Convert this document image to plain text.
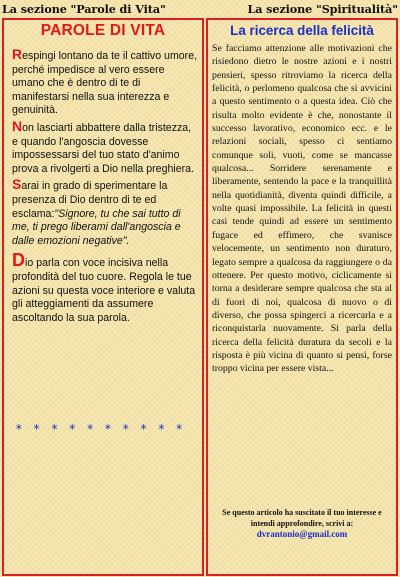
La sezione "Parole di Vita"	La sezione "Spiritualità"
PAROLE DI VITA

Respingi lontano da te il cattivo umore, perché impedisce al vero essere umano che è dentro di te di manifestarsi nella sua interezza e genuinità.

Non lasciarti abbattere dalla tristezza, e quando l'angoscia dovesse impossessarsi del tuo stato d'animo prova a rivolgerti a Dio nella preghiera.

Sarai in grado di sperimentare la presenza di Dio dentro di te ed esclama:"Signore, tu che sai tutto di me, ti prego liberami dall'angoscia e dalle emozioni negative".

Dio parla con voce incisiva nella profondità del tuo cuore. Regola le tue azioni su questa voce interiore e valuta gli atteggiamenti da assumere ascoltando la sua parola.

* * * * * * * * * *
La ricerca della felicità

Se facciamo attenzione alle motivazioni che risiedono dietro le nostre azioni e i nostri pensieri, spesso ritroviamo la ricerca della felicità, o perlomeno qualcosa che si avvicini a questo sentimento o a questa idea. Ciò che risulta molto evidente è che, nonostante il successo lavorativo, economico ecc. e le relazioni sociali, spesso ci sentiamo comunque soli, vuoti, come se mancasse qualcosa... Sorridere serenamente e liberamente, sentendo la pace e la tranquillità nella quotidianità, diventa quindi difficile, a volte quasi impossibile. La felicità in questi casi tende quindi ad essere un sentimento fugace ed effimero, che svanisce velocemente, un sentimento non duraturo, legato sempre a qualcosa da raggiungere o da ottenere. Per questo motivo, ciclicamente si torna a desiderare sempre qualcosa che sta al di fuori di noi, qualcosa di nuovo o di diverso, che possa spingerci a ricercarla e a riconquistarla nuovamente. Si parla della ricerca della felicità duratura da secoli e la risposta è più vicina di quanto si pensi, forse troppo vicina per essere vista...

Se questo articolo ha suscitato il tuo interesse e intendi approfondire, scrivi a:
dvrantonio@gmail.com
